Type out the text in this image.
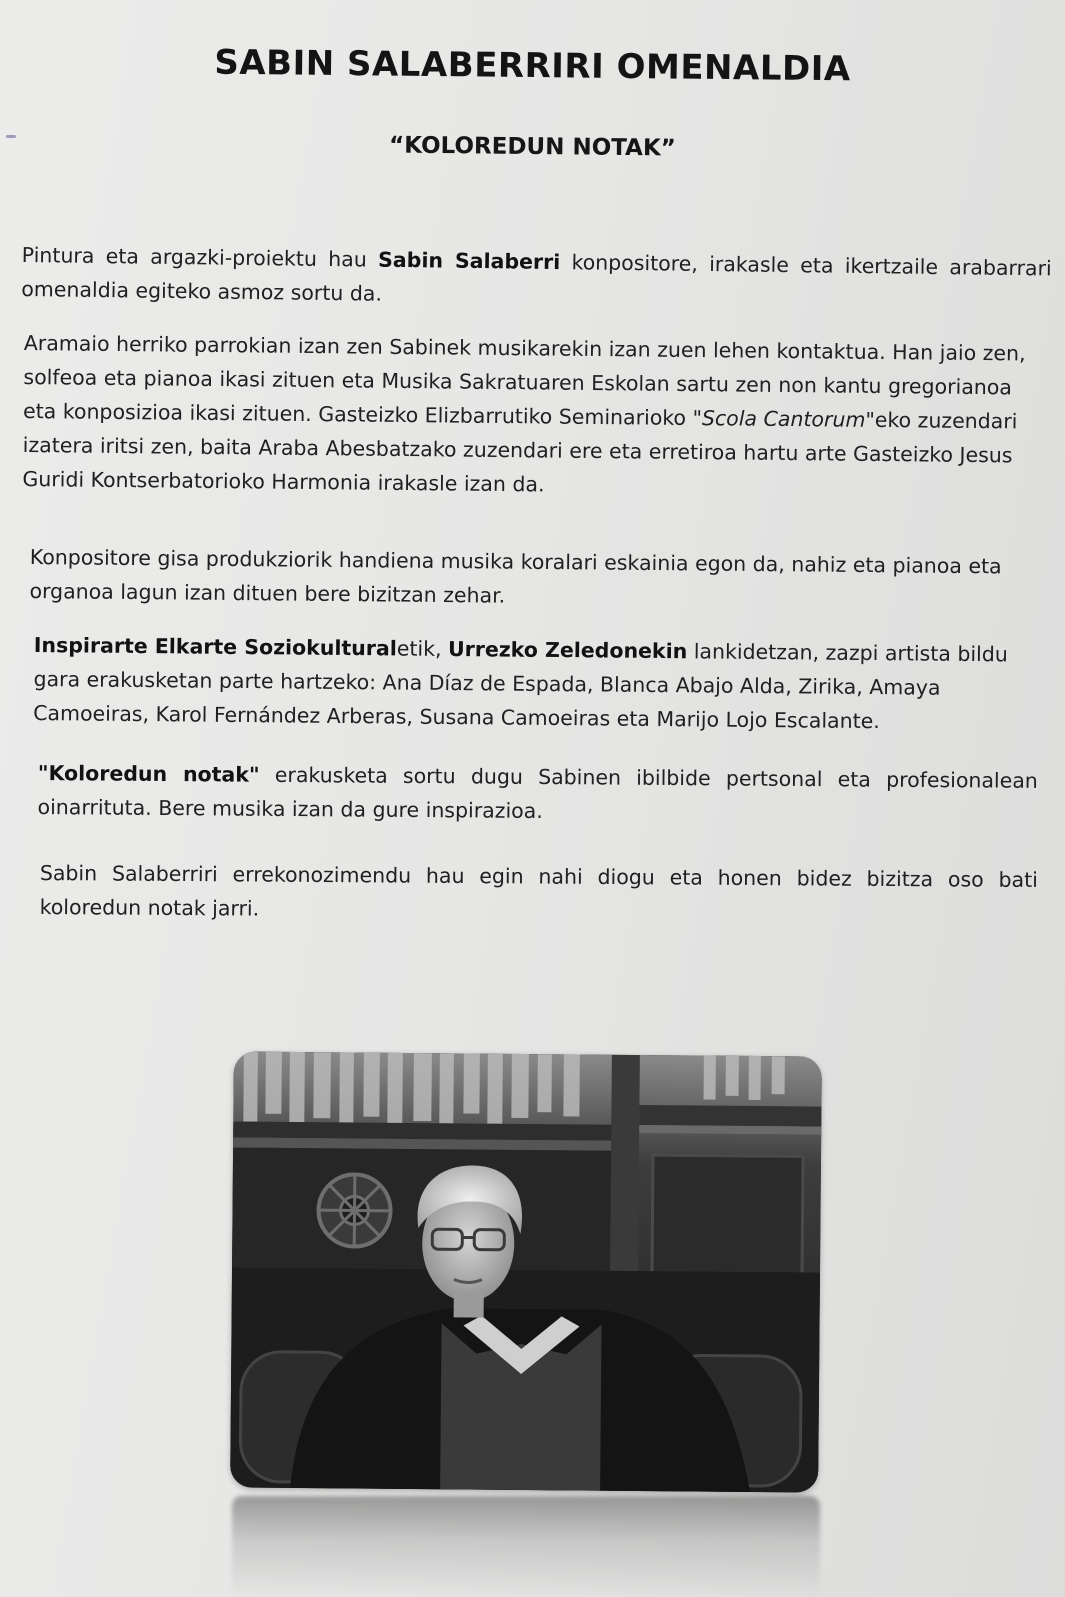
SABIN SALABERRIRI OMENALDIA
“KOLOREDUN NOTAK”
Pintura eta argazki-proiektu hau Sabin Salaberri konpositore, irakasle eta ikertzaile arabarrari omenaldia egiteko asmoz sortu da.
Aramaio herriko parrokian izan zen Sabinek musikarekin izan zuen lehen kontaktua. Han jaio zen, solfeoa eta pianoa ikasi zituen eta Musika Sakratuaren Eskolan sartu zen non kantu gregorianoa eta konposizioa ikasi zituen. Gasteizko Elizbarrutiko Seminarioko "Scola Cantorum"eko zuzendari izatera iritsi zen, baita Araba Abesbatzako zuzendari ere eta erretiroa hartu arte Gasteizko Jesus Guridi Kontserbatorioko Harmonia irakasle izan da.
Konpositore gisa produkziorik handiena musika koralari eskainia egon da, nahiz eta pianoa eta organoa lagun izan dituen bere bizitzan zehar.
Inspirarte Elkarte Soziokulturaletik, Urrezko Zeledonekin lankidetzan, zazpi artista bildu gara erakusketan parte hartzeko: Ana Díaz de Espada, Blanca Abajo Alda, Zirika, Amaya Camoeiras, Karol Fernández Arberas, Susana Camoeiras eta Marijo Lojo Escalante.
"Koloredun notak" erakusketa sortu dugu Sabinen ibilbide pertsonal eta profesionalean oinarrituta. Bere musika izan da gure inspirazioa.
Sabin Salaberriri errekonozimendu hau egin nahi diogu eta honen bidez bizitza oso bati koloredun notak jarri.
